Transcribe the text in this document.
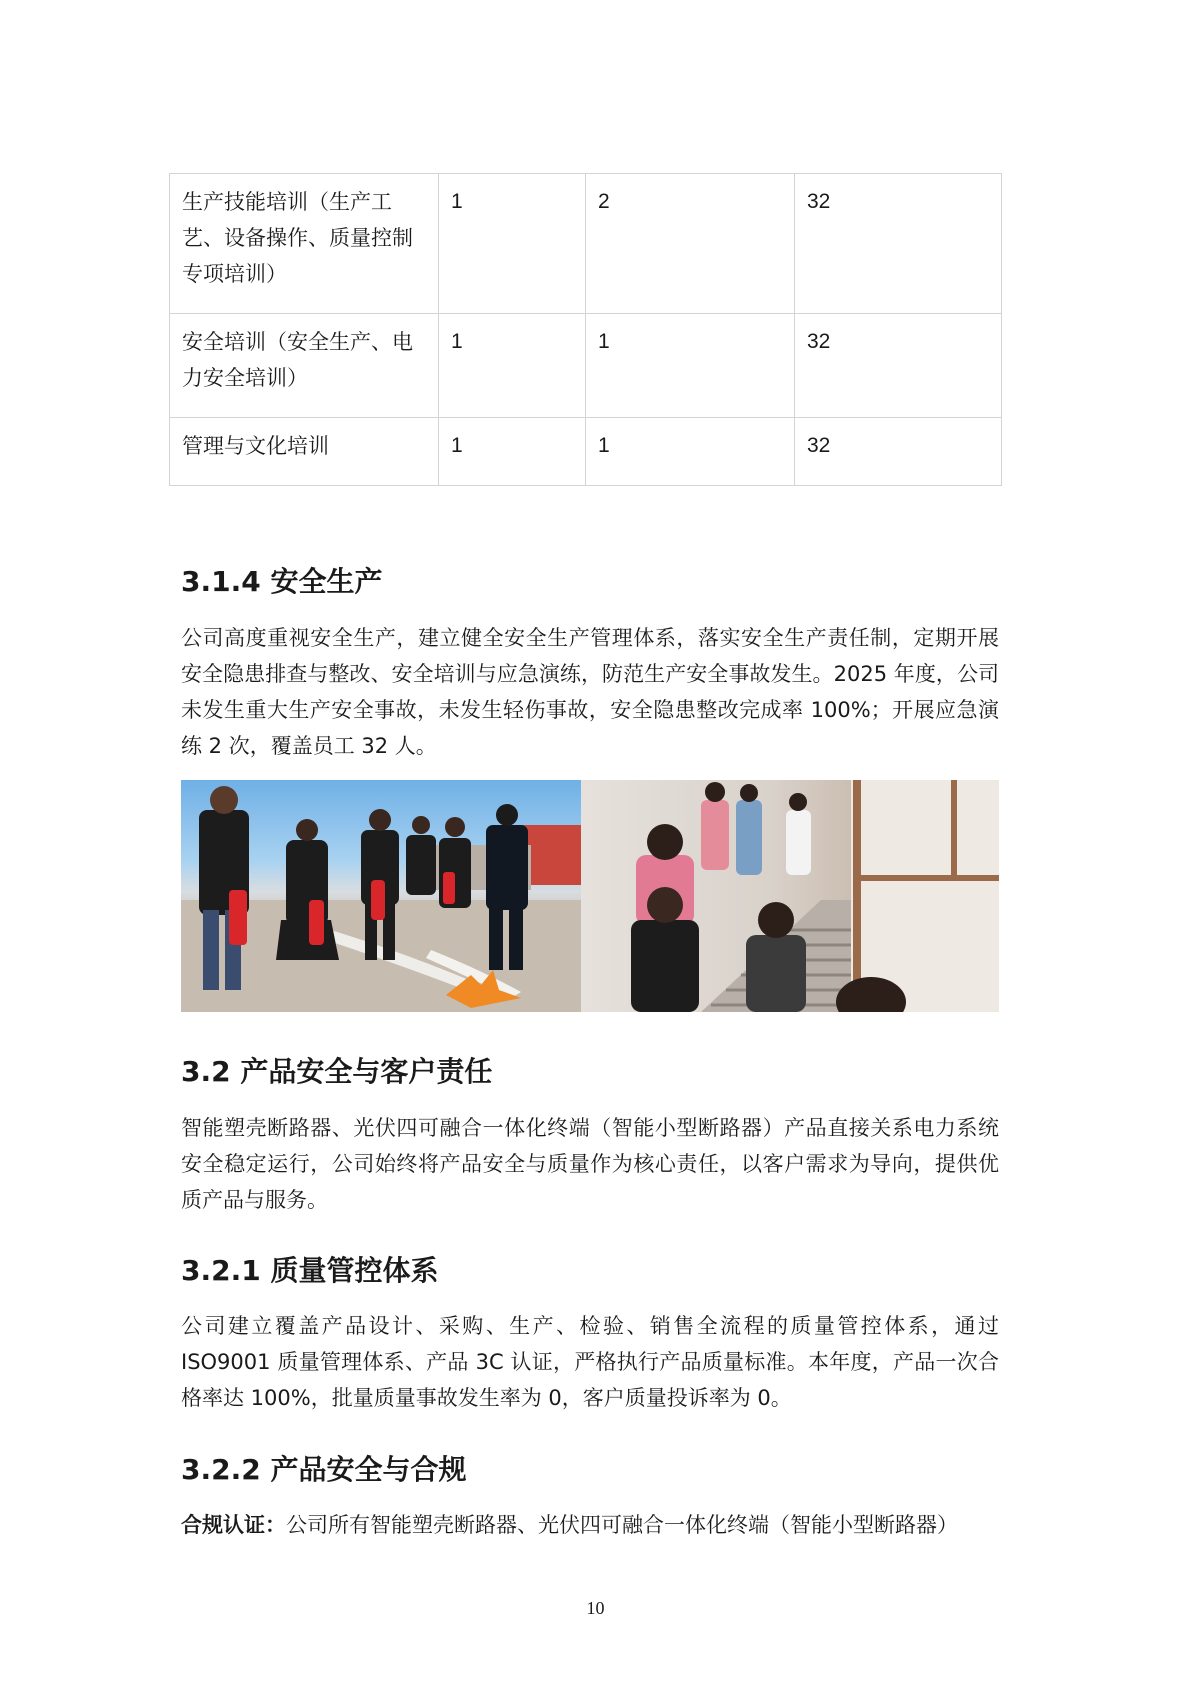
生产技能培训（生产工艺、设备操作、质量控制专项培训）	1	2	32
安全培训（安全生产、电力安全培训）	1	1	32
管理与文化培训	1	1	32
3.1.4 安全生产

公司高度重视安全生产，建立健全安全生产管理体系，落实安全生产责任制，定期开展安全隐患排查与整改、安全培训与应急演练，防范生产安全事故发生。2025 年度，公司未发生重大生产安全事故，未发生轻伤事故，安全隐患整改完成率 100%；开展应急演练 2 次，覆盖员工 32 人。

3.2 产品安全与客户责任

智能塑壳断路器、光伏四可融合一体化终端（智能小型断路器）产品直接关系电力系统安全稳定运行，公司始终将产品安全与质量作为核心责任，以客户需求为导向，提供优质产品与服务。

3.2.1 质量管控体系

公司建立覆盖产品设计、采购、生产、检验、销售全流程的质量管控体系，通过ISO9001 质量管理体系、产品 3C 认证，严格执行产品质量标准。本年度，产品一次合格率达 100%，批量质量事故发生率为 0，客户质量投诉率为 0。

3.2.2 产品安全与合规

合规认证：公司所有智能塑壳断路器、光伏四可融合一体化终端（智能小型断路器）

10
